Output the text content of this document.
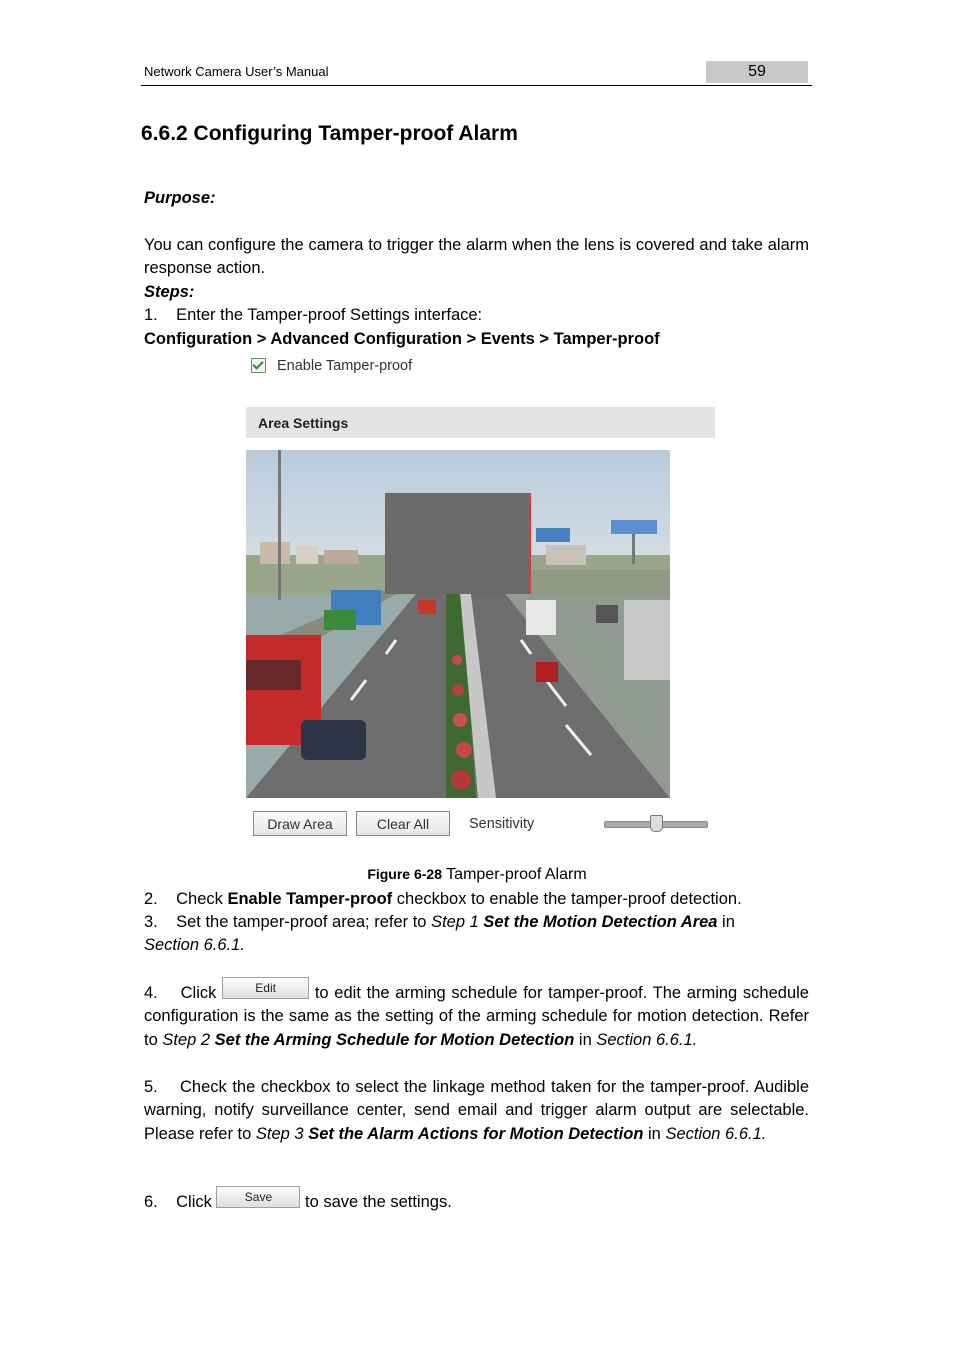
Network Camera User’s Manual	59
6.6.2 Configuring Tamper-proof Alarm
Purpose:
You can configure the camera to trigger the alarm when the lens is covered and take alarm response action.
Steps:
1. Enter the Tamper-proof Settings interface:
Configuration > Advanced Configuration > Events > Tamper-proof
Enable Tamper-proof
Area Settings
Draw Area	Clear All	Sensitivity
Figure 6-28 Tamper-proof Alarm
2. Check Enable Tamper-proof checkbox to enable the tamper-proof detection.
3. Set the tamper-proof area; refer to Step 1 Set the Motion Detection Area in
Section 6.6.1.
4. Click	Edit to edit the arming schedule for tamper-proof. The arming schedule configuration is the same as the setting of the arming schedule for motion detection. Refer to Step 2 Set the Arming Schedule for Motion Detection in Section 6.6.1.
5. Check the checkbox to select the linkage method taken for the tamper-proof. Audible warning, notify surveillance center, send email and trigger alarm output are selectable. Please refer to Step 3 Set the Alarm Actions for Motion Detection in Section 6.6.1.
6. Click Save to save the settings.
